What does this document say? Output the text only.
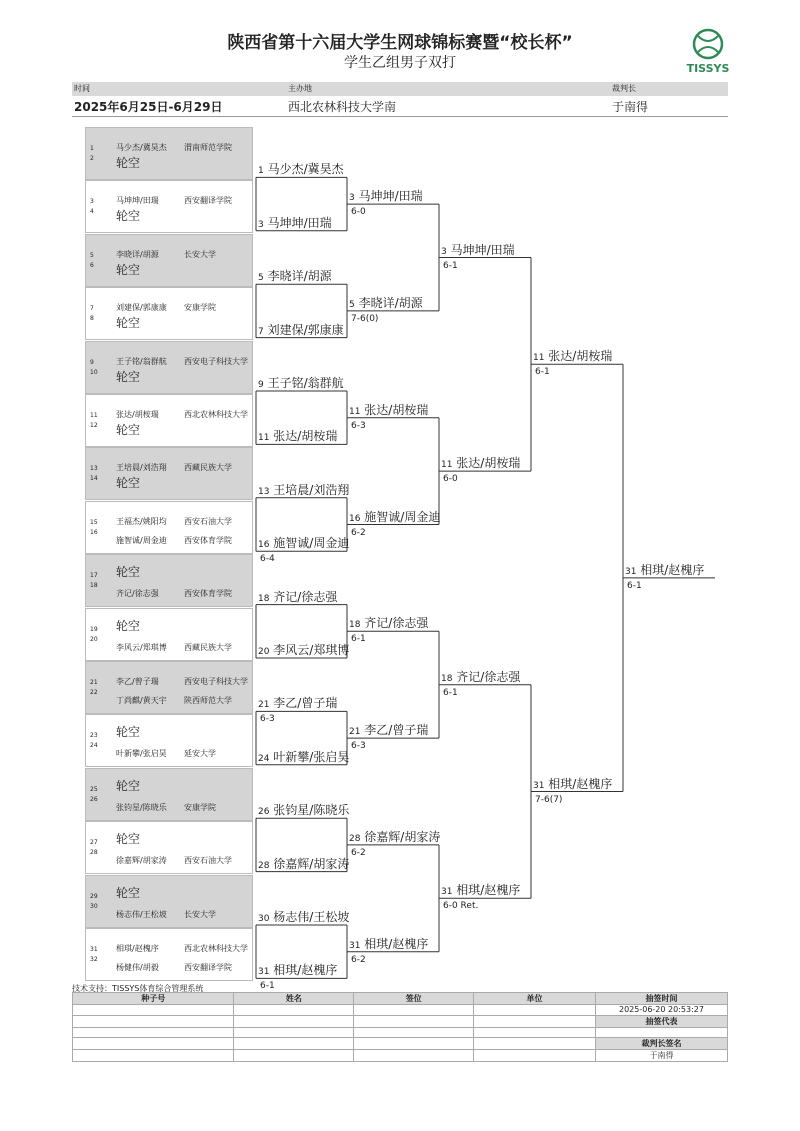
陕西省第十六届大学生网球锦标赛暨“校长杯”
学生乙组男子双打	TISSYS
时间	主办地	裁判长
2025年6月25日-6月29日	西北农林科技大学南	于南得
1
2
马少杰/冀昊杰 渭南师范学院
轮空
3
4
马坤坤/田瑞	西安翻译学院
轮空
5
6
李晓详/胡源	长安大学
轮空
7
8
刘建保/郭康康 安康学院
轮空
9
10
王子铭/翁群航 西安电子科技大学
轮空
11
12
张达/胡桉瑞	西北农林科技大学
轮空
13
14
王培晨/刘浩翔 西藏民族大学
轮空
15
16
王福杰/姚阳均 西安石油大学
施智诚/周金迪 西安体育学院
17
18
齐记/徐志强	西安体育学院
轮空
19
20
李风云/郑琪博 西藏民族大学
轮空
21
22
李乙/曾子瑞	西安电子科技大学
丁尚麒/黄天宇 陕西师范大学
23
24
叶新攀/张启昊 延安大学
轮空
25
26
张钧星/陈晓乐 安康学院
轮空
27
28
徐嘉辉/胡家涛 西安石油大学
轮空
29
30
杨志伟/王松坡 长安大学
轮空
31
32
相琪/赵槐序	西北农林科技大学
杨健伟/胡毅	西安翻译学院
1 马少杰/冀昊杰
3 马坤坤/田瑞
5 李晓详/胡源
7 刘建保/郭康康
9 王子铭/翁群航
11 张达/胡桉瑞
13 王培晨/刘浩翔
16 施智诚/周金迪
6-4
18 齐记/徐志强
20 李风云/郑琪博
21 李乙/曾子瑞
6-3
24 叶新攀/张启昊
26 张钧星/陈晓乐
28 徐嘉辉/胡家涛
30 杨志伟/王松坡
31 相琪/赵槐序
6-1
3 马坤坤/田瑞
6-0
5 李晓详/胡源
7-6(0)
11 张达/胡桉瑞
6-3
16 施智诚/周金迪
6-2
18 齐记/徐志强
6-1
21 李乙/曾子瑞
6-3
28 徐嘉辉/胡家涛
6-2
31 相琪/赵槐序
6-2
3 马坤坤/田瑞
6-1
11 张达/胡桉瑞
6-0
18 齐记/徐志强
6-1
31 相琪/赵槐序
6-0 Ret.
11 张达/胡桉瑞
6-1
31 相琪/赵槐序
7-6(7)
31 相琪/赵槐序
6-1
技术支持：TISSYS体育综合管理系统
种子号	姓名	签位	单位	抽签时间
				2025-06-20 20:53:27
				抽签代表

				裁判长签名
				于南得
